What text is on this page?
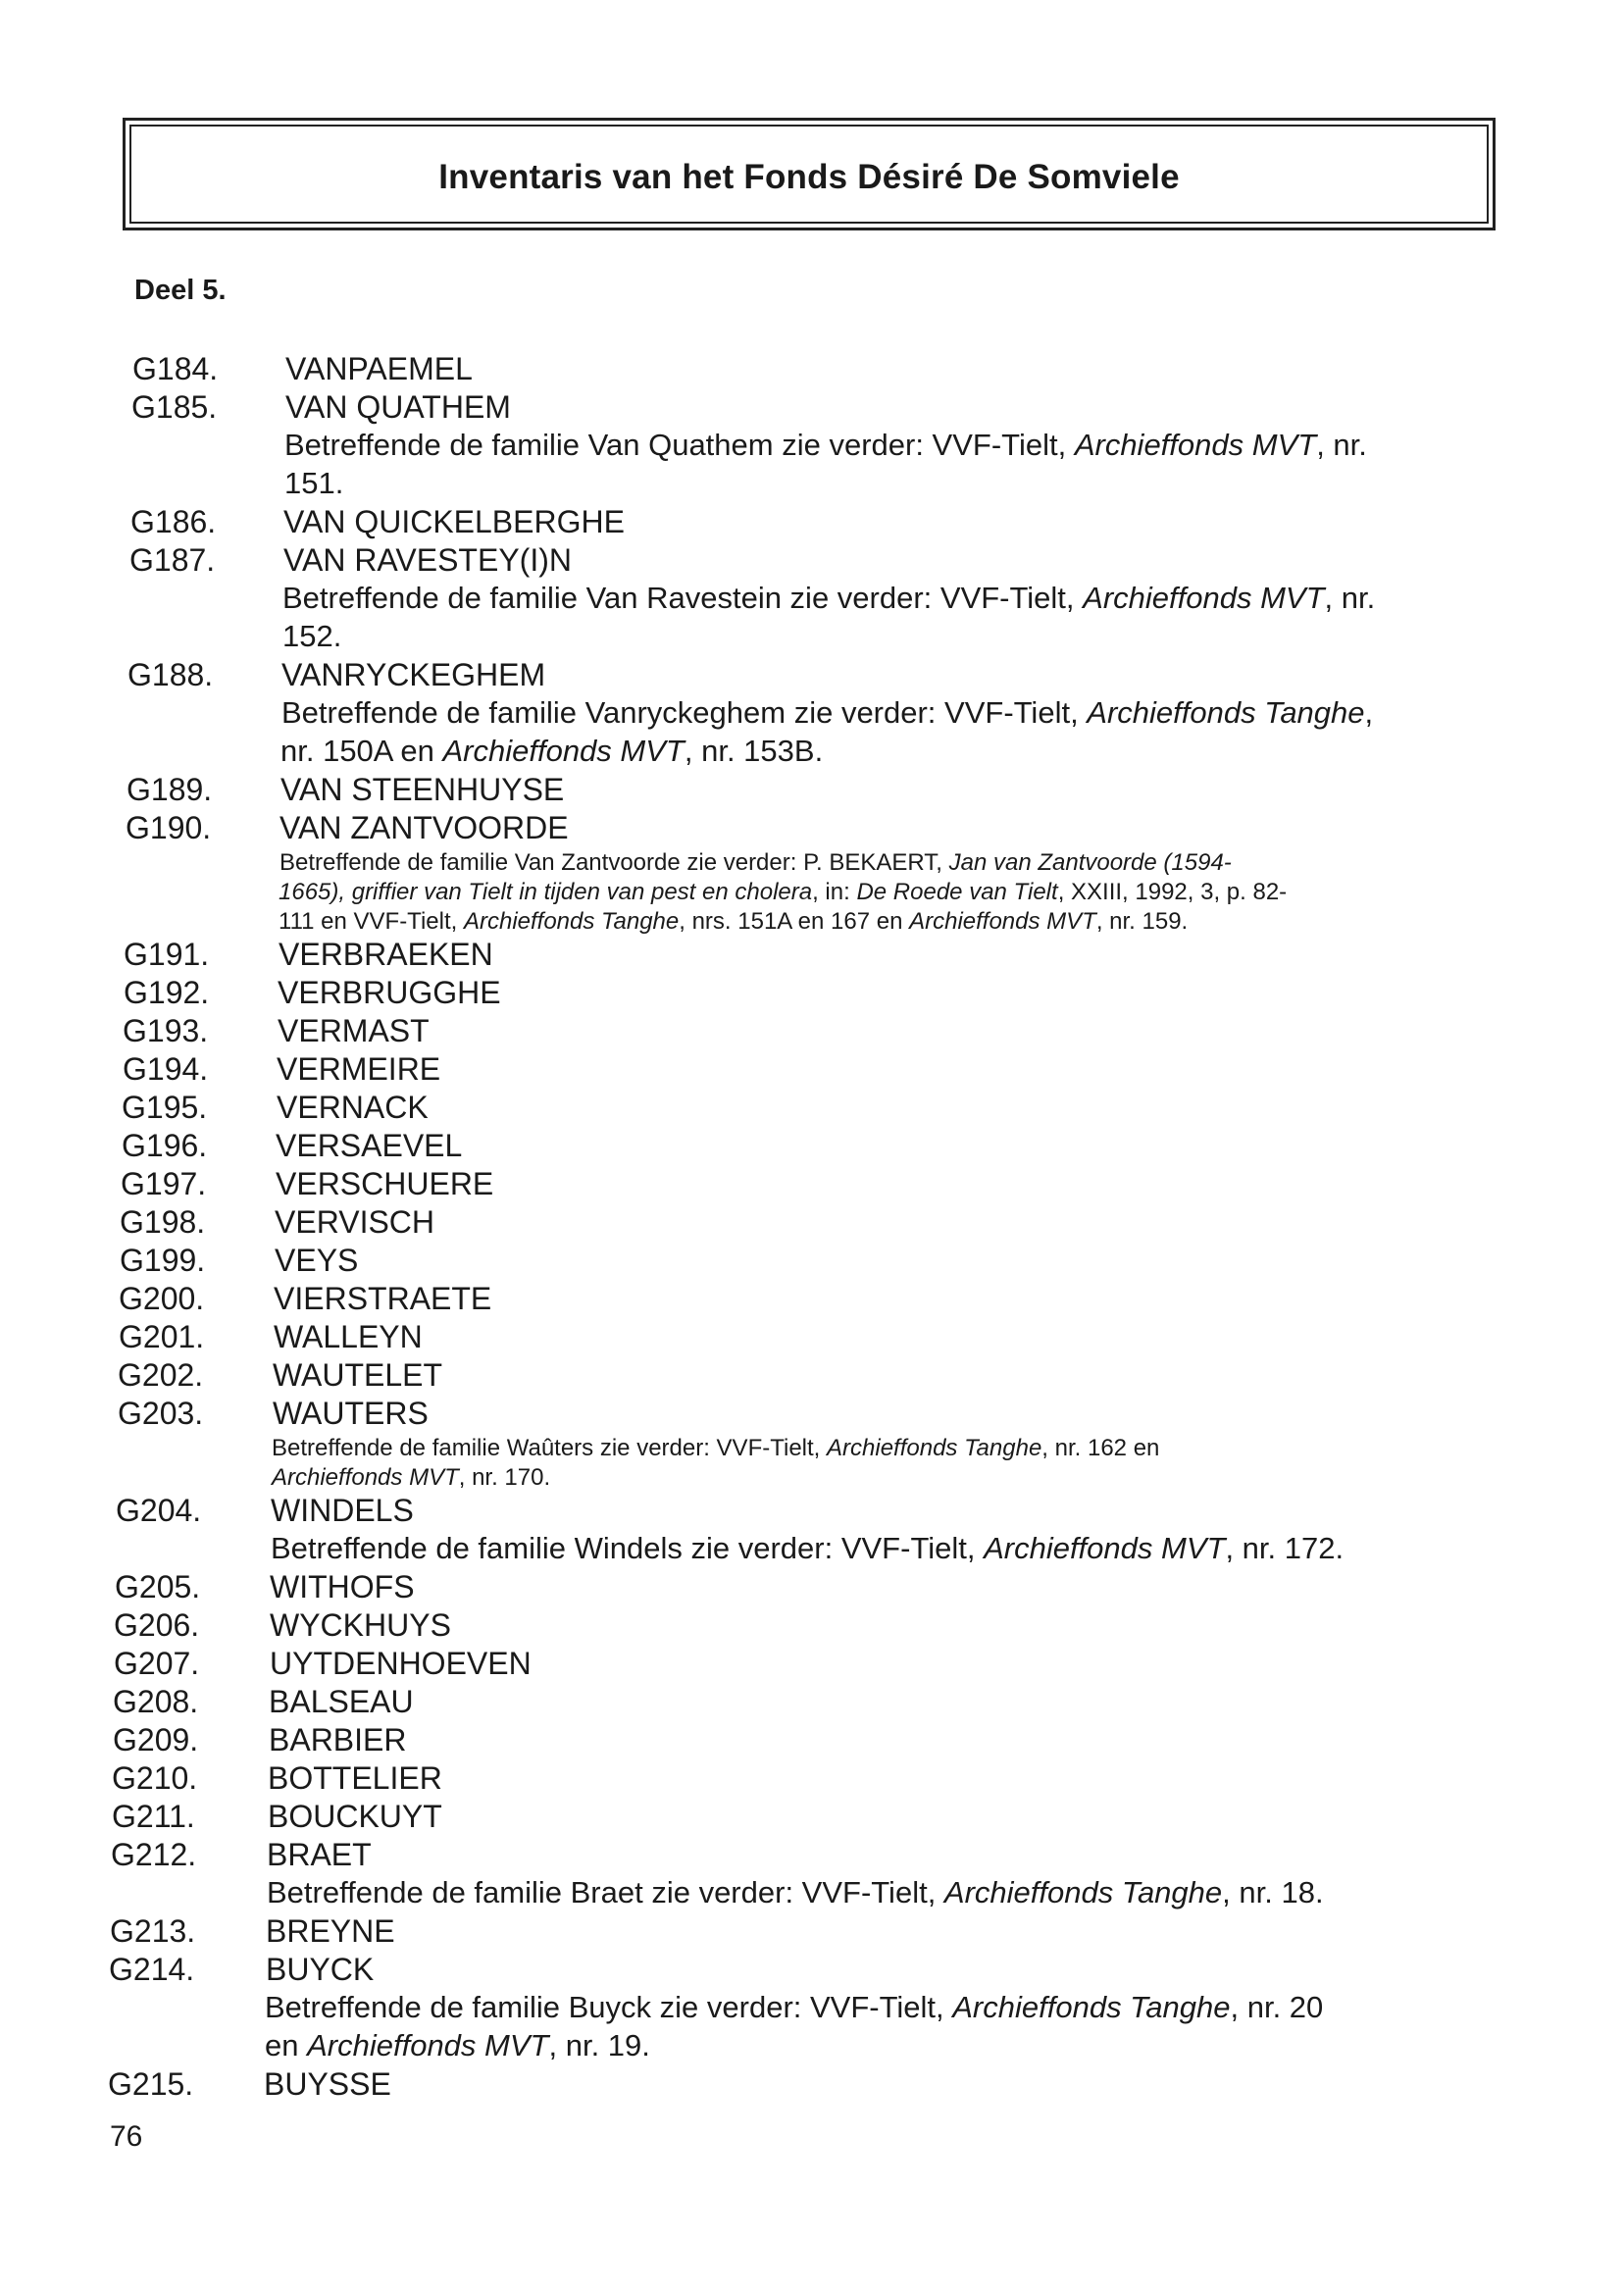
Inventaris van het Fonds Désiré De Somviele
Deel 5.
G184. VANPAEMEL
G185. VAN QUATHEM
Betreffende de familie Van Quathem zie verder: VVF-Tielt, Archieffonds MVT, nr.
151.
G186. VAN QUICKELBERGHE
G187. VAN RAVESTEY(I)N
Betreffende de familie Van Ravestein zie verder: VVF-Tielt, Archieffonds MVT, nr.
152.
G188. VANRYCKEGHEM
Betreffende de familie Vanryckeghem zie verder: VVF-Tielt, Archieffonds Tanghe,
nr. 150A en Archieffonds MVT, nr. 153B.
G189. VAN STEENHUYSE
G190. VAN ZANTVOORDE
Betreffende de familie Van Zantvoorde zie verder: P. BEKAERT, Jan van Zantvoorde (1594-
1665), griffier van Tielt in tijden van pest en cholera, in: De Roede van Tielt, XXIII, 1992, 3, p. 82-
111 en VVF-Tielt, Archieffonds Tanghe, nrs. 151A en 167 en Archieffonds MVT, nr. 159.
G191. VERBRAEKEN
G192. VERBRUGGHE
G193. VERMAST
G194. VERMEIRE
G195. VERNACK
G196. VERSAEVEL
G197. VERSCHUERE
G198. VERVISCH
G199. VEYS
G200. VIERSTRAETE
G201. WALLEYN
G202. WAUTELET
G203. WAUTERS
Betreffende de familie Waûters zie verder: VVF-Tielt, Archieffonds Tanghe, nr. 162 en
Archieffonds MVT, nr. 170.
G204. WINDELS
Betreffende de familie Windels zie verder: VVF-Tielt, Archieffonds MVT, nr. 172.
G205. WITHOFS
G206. WYCKHUYS
G207. UYTDENHOEVEN
G208. BALSEAU
G209. BARBIER
G210. BOTTELIER
G211. BOUCKUYT
G212. BRAET
Betreffende de familie Braet zie verder: VVF-Tielt, Archieffonds Tanghe, nr. 18.
G213. BREYNE
G214. BUYCK
Betreffende de familie Buyck zie verder: VVF-Tielt, Archieffonds Tanghe, nr. 20
en Archieffonds MVT, nr. 19.
G215. BUYSSE
76
